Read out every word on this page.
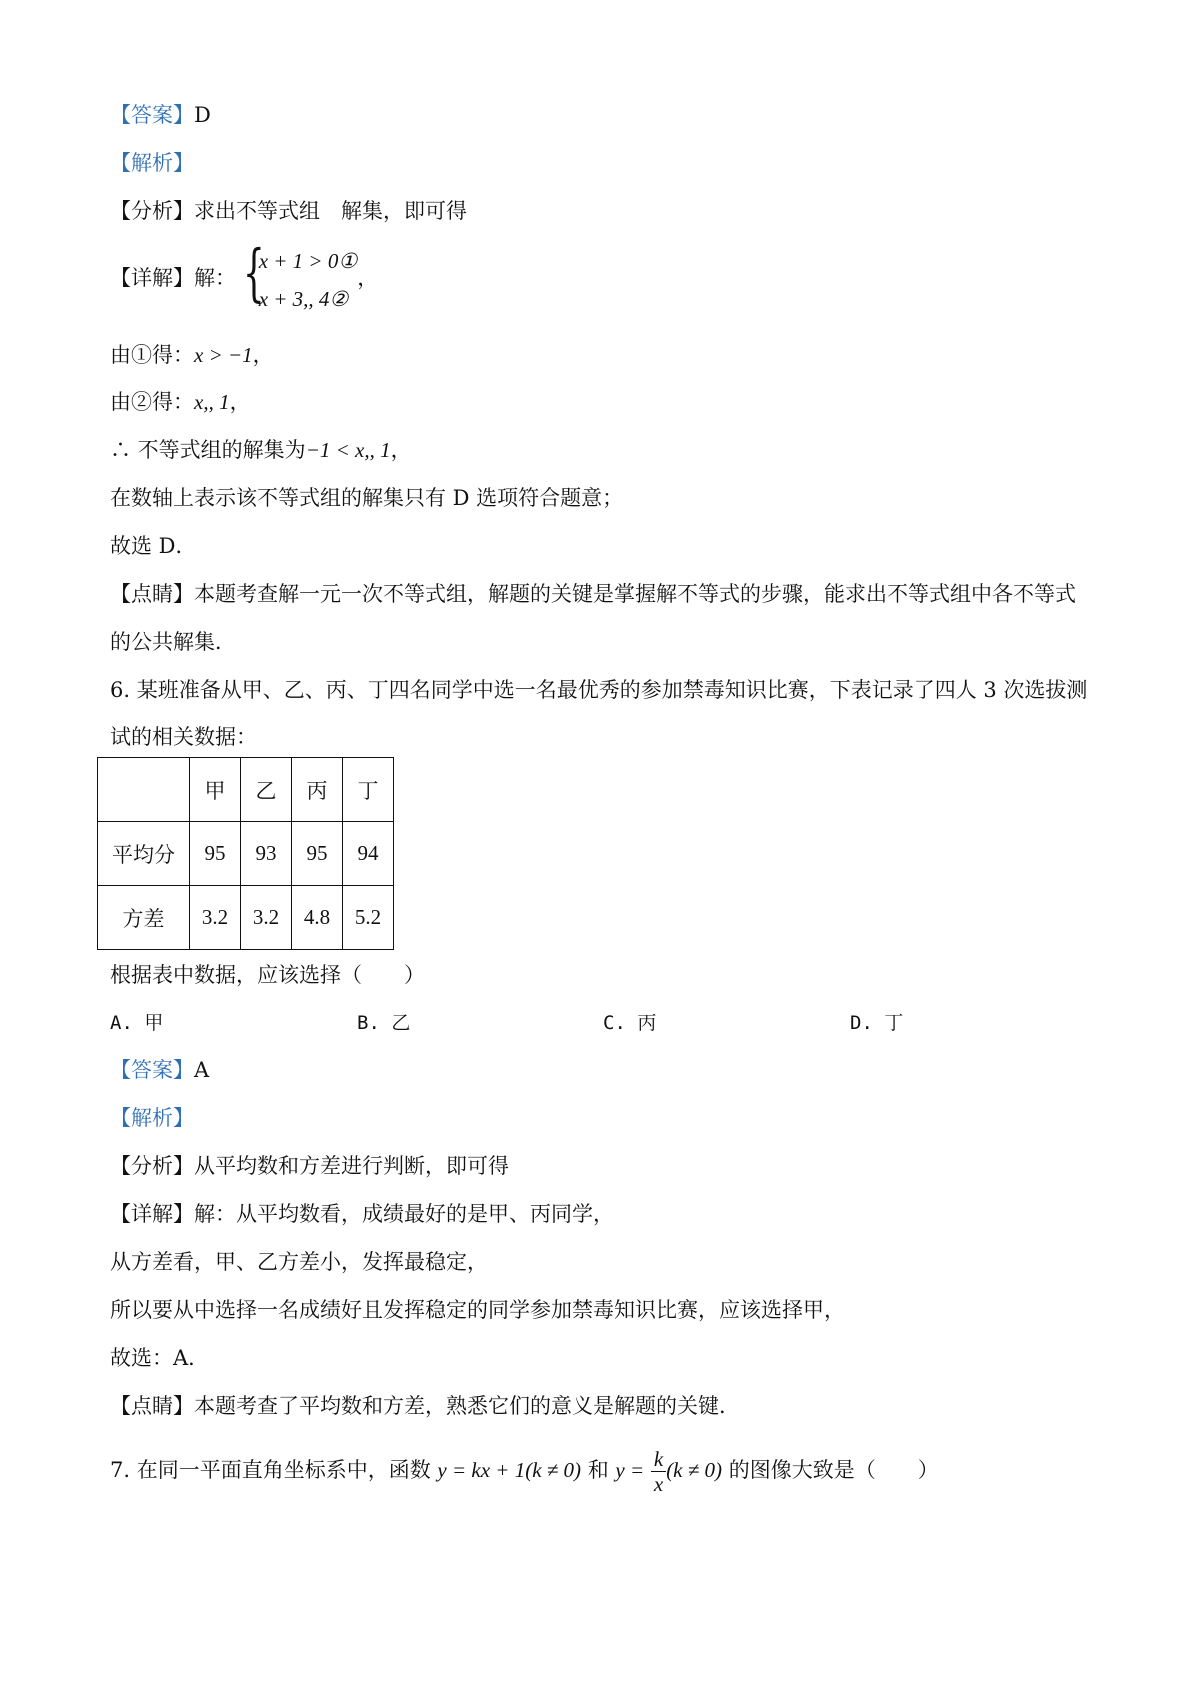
【答案】D
【解析】
【分析】求出不等式组　解集，即可得
【详解】解： {
x + 1 > 0①
x + 3,, 4②
，
由①得：x > −1，
由②得：x,, 1，
∴ 不等式组的解集为−1 < x,, 1，
在数轴上表示该不等式组的解集只有 D 选项符合题意；
故选 D．
【点睛】本题考查解一元一次不等式组，解题的关键是掌握解不等式的步骤，能求出不等式组中各不等式
的公共解集．
6. 某班准备从甲、乙、丙、丁四名同学中选一名最优秀的参加禁毒知识比赛，下表记录了四人 3 次选拔测
试的相关数据：
	甲	乙	丙	丁
平均分	95	93	95	94
方差	3.2	3.2	4.8	5.2
根据表中数据，应该选择（　　）
A. 甲	B. 乙	C. 丙	D. 丁
【答案】A
【解析】
【分析】从平均数和方差进行判断，即可得
【详解】解：从平均数看，成绩最好的是甲、丙同学，
从方差看，甲、乙方差小，发挥最稳定，
所以要从中选择一名成绩好且发挥稳定的同学参加禁毒知识比赛，应该选择甲，
故选：A．
【点睛】本题考查了平均数和方差，熟悉它们的意义是解题的关键．
7. 在同一平面直角坐标系中，函数 y = kx + 1(k ≠ 0) 和 $y = \frac{k}{x} (k \ne 0)$ 的图像大致是（　　）
